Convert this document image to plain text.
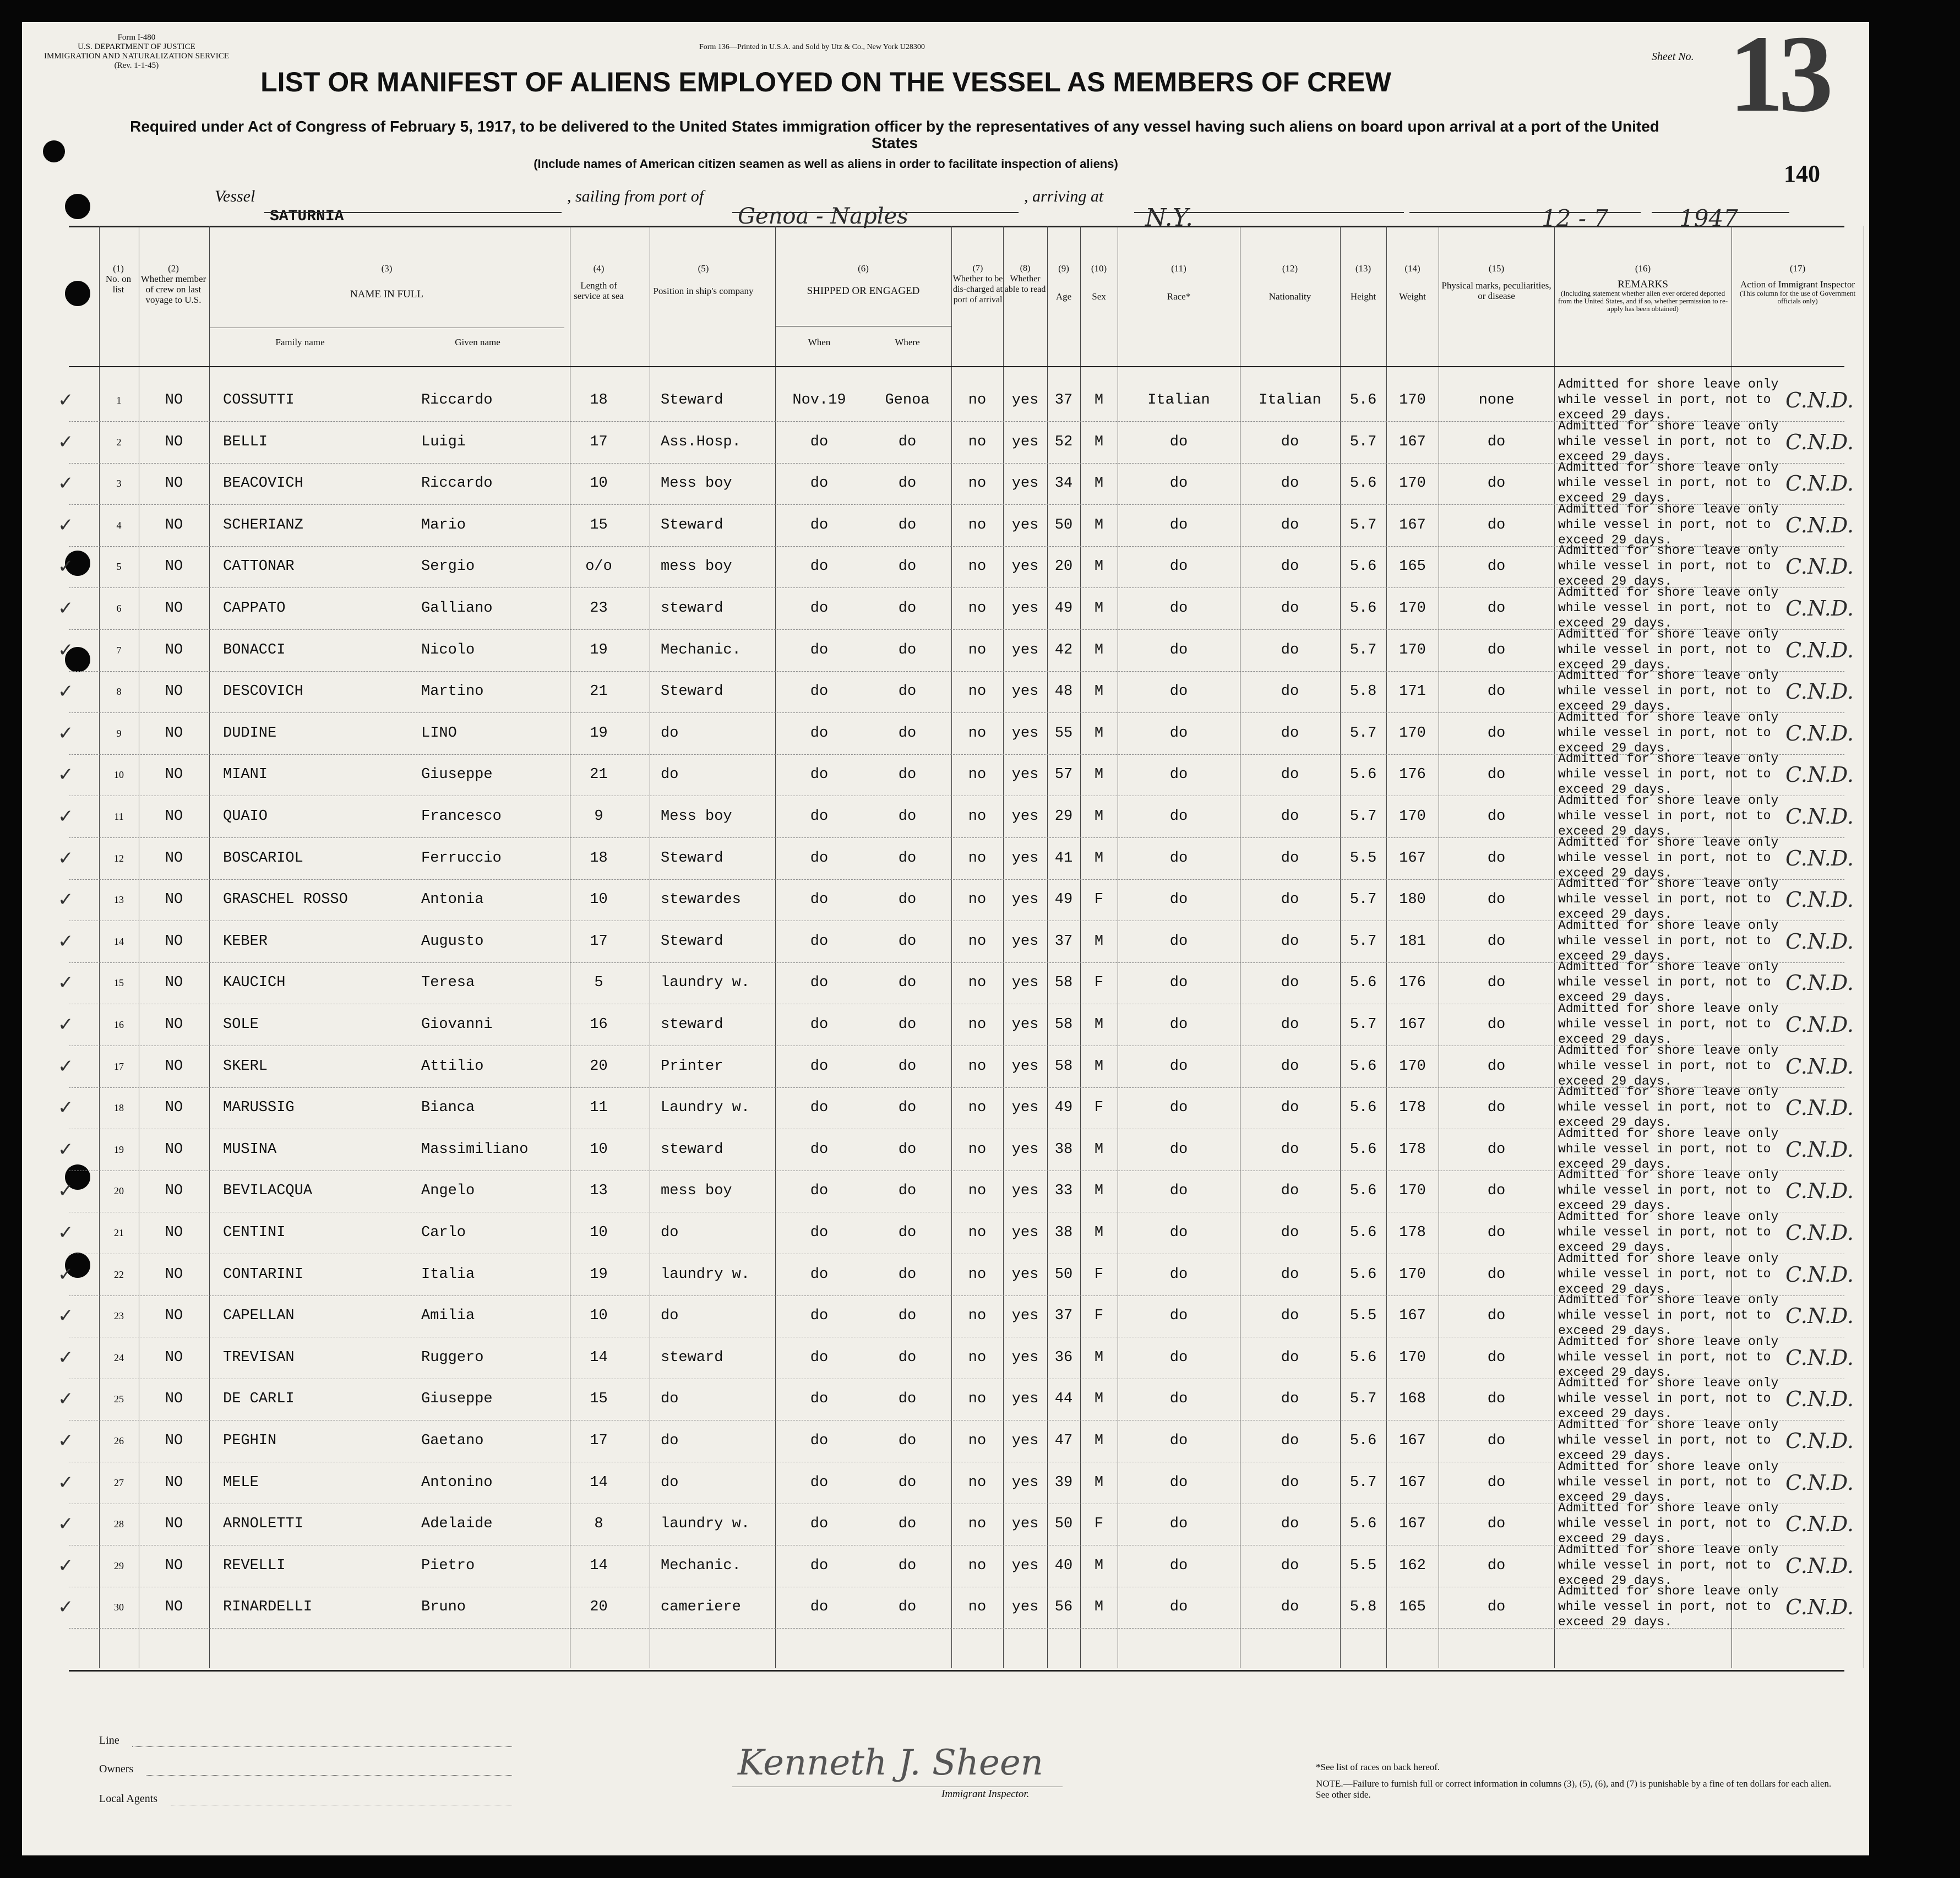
Form I-480
U.S. DEPARTMENT OF JUSTICE
IMMIGRATION AND NATURALIZATION SERVICE
(Rev. 1-1-45)
Form 136—Printed in U.S.A. and Sold by Utz & Co., New York U28300
Sheet No. 13
140
LIST OR MANIFEST OF ALIENS EMPLOYED ON THE VESSEL AS MEMBERS OF CREW
Required under Act of Congress of February 5, 1917, to be delivered to the United States immigration officer by the representatives of any vessel having such aliens on board upon arrival at a port of the United States
(Include names of American citizen seamen as well as aliens in order to facilitate inspection of aliens)
Vessel
SATURNIA
, sailing from port of
Genoa - Naples
, arriving at
N.Y.	12 - 7	1947
(1)
No. on list
(2)
Whether member of crew on last voyage to U.S.
(3)
NAME IN FULL
Family name	Given name
(4)
Length of service at sea
(5)
Position in ship's company
(6)
SHIPPED OR ENGAGED
When	Where
(7)
Whether to be dis-charged at port of arrival
(8)
Whether able to read
(9)
Age
(10)
Sex
(11)
Race*
(12)
Nationality
(13)
Height
(14)
Weight
(15)
Physical marks, peculiarities, or disease
(16)
REMARKS
(Including statement whether alien ever ordered deported from the United States, and if so, whether permission to re-apply has been obtained)
(17)
Action of Immigrant Inspector
(This column for the use of Government officials only)
✓	1	NO	COSSUTTI	Riccardo	18	Steward	Nov.19	Genoa	no	yes	37	M	Italian	Italian	5.6	170	none	C.N.D.
Admitted for shore leave only
while vessel in port, not to
exceed 29 days.
✓	2	NO	BELLI	Luigi	17	Ass.Hosp.	do	do	no	yes	52	M	do	do	5.7	167	do	C.N.D.
Admitted for shore leave only
while vessel in port, not to
exceed 29 days.
✓	3	NO	BEACOVICH	Riccardo	10	Mess boy	do	do	no	yes	34	M	do	do	5.6	170	do	C.N.D.
Admitted for shore leave only
while vessel in port, not to
exceed 29 days.
✓	4	NO	SCHERIANZ	Mario	15	Steward	do	do	no	yes	50	M	do	do	5.7	167	do	C.N.D.
Admitted for shore leave only
while vessel in port, not to
exceed 29 days.
✓	5	NO	CATTONAR	Sergio	o/o	mess boy	do	do	no	yes	20	M	do	do	5.6	165	do	C.N.D.
Admitted for shore leave only
while vessel in port, not to
exceed 29 days.
✓	6	NO	CAPPATO	Galliano	23	steward	do	do	no	yes	49	M	do	do	5.6	170	do	C.N.D.
Admitted for shore leave only
while vessel in port, not to
exceed 29 days.
✓	7	NO	BONACCI	Nicolo	19	Mechanic.	do	do	no	yes	42	M	do	do	5.7	170	do	C.N.D.
Admitted for shore leave only
while vessel in port, not to
exceed 29 days.
✓	8	NO	DESCOVICH	Martino	21	Steward	do	do	no	yes	48	M	do	do	5.8	171	do	C.N.D.
Admitted for shore leave only
while vessel in port, not to
exceed 29 days.
✓	9	NO	DUDINE	LINO	19	do	do	do	no	yes	55	M	do	do	5.7	170	do	C.N.D.
Admitted for shore leave only
while vessel in port, not to
exceed 29 days.
✓	10	NO	MIANI	Giuseppe	21	do	do	do	no	yes	57	M	do	do	5.6	176	do	C.N.D.
Admitted for shore leave only
while vessel in port, not to
exceed 29 days.
✓	11	NO	QUAIO	Francesco	9	Mess boy	do	do	no	yes	29	M	do	do	5.7	170	do	C.N.D.
Admitted for shore leave only
while vessel in port, not to
exceed 29 days.
✓	12	NO	BOSCARIOL	Ferruccio	18	Steward	do	do	no	yes	41	M	do	do	5.5	167	do	C.N.D.
Admitted for shore leave only
while vessel in port, not to
exceed 29 days.
✓	13	NO	GRASCHEL ROSSO	Antonia	10	stewardes	do	do	no	yes	49	F	do	do	5.7	180	do	C.N.D.
Admitted for shore leave only
while vessel in port, not to
exceed 29 days.
✓	14	NO	KEBER	Augusto	17	Steward	do	do	no	yes	37	M	do	do	5.7	181	do	C.N.D.
Admitted for shore leave only
while vessel in port, not to
exceed 29 days.
✓	15	NO	KAUCICH	Teresa	5	laundry w.	do	do	no	yes	58	F	do	do	5.6	176	do	C.N.D.
Admitted for shore leave only
while vessel in port, not to
exceed 29 days.
✓	16	NO	SOLE	Giovanni	16	steward	do	do	no	yes	58	M	do	do	5.7	167	do	C.N.D.
Admitted for shore leave only
while vessel in port, not to
exceed 29 days.
✓	17	NO	SKERL	Attilio	20	Printer	do	do	no	yes	58	M	do	do	5.6	170	do	C.N.D.
Admitted for shore leave only
while vessel in port, not to
exceed 29 days.
✓	18	NO	MARUSSIG	Bianca	11	Laundry w.	do	do	no	yes	49	F	do	do	5.6	178	do	C.N.D.
Admitted for shore leave only
while vessel in port, not to
exceed 29 days.
✓	19	NO	MUSINA	Massimiliano	10	steward	do	do	no	yes	38	M	do	do	5.6	178	do	C.N.D.
Admitted for shore leave only
while vessel in port, not to
exceed 29 days.
✓	20	NO	BEVILACQUA	Angelo	13	mess boy	do	do	no	yes	33	M	do	do	5.6	170	do	C.N.D.
Admitted for shore leave only
while vessel in port, not to
exceed 29 days.
✓	21	NO	CENTINI	Carlo	10	do	do	do	no	yes	38	M	do	do	5.6	178	do	C.N.D.
Admitted for shore leave only
while vessel in port, not to
exceed 29 days.
✓	22	NO	CONTARINI	Italia	19	laundry w.	do	do	no	yes	50	F	do	do	5.6	170	do	C.N.D.
Admitted for shore leave only
while vessel in port, not to
exceed 29 days.
✓	23	NO	CAPELLAN	Amilia	10	do	do	do	no	yes	37	F	do	do	5.5	167	do	C.N.D.
Admitted for shore leave only
while vessel in port, not to
exceed 29 days.
✓	24	NO	TREVISAN	Ruggero	14	steward	do	do	no	yes	36	M	do	do	5.6	170	do	C.N.D.
Admitted for shore leave only
while vessel in port, not to
exceed 29 days.
✓	25	NO	DE CARLI	Giuseppe	15	do	do	do	no	yes	44	M	do	do	5.7	168	do	C.N.D.
Admitted for shore leave only
while vessel in port, not to
exceed 29 days.
✓	26	NO	PEGHIN	Gaetano	17	do	do	do	no	yes	47	M	do	do	5.6	167	do	C.N.D.
Admitted for shore leave only
while vessel in port, not to
exceed 29 days.
✓	27	NO	MELE	Antonino	14	do	do	do	no	yes	39	M	do	do	5.7	167	do	C.N.D.
Admitted for shore leave only
while vessel in port, not to
exceed 29 days.
✓	28	NO	ARNOLETTI	Adelaide	8	laundry w.	do	do	no	yes	50	F	do	do	5.6	167	do	C.N.D.
Admitted for shore leave only
while vessel in port, not to
exceed 29 days.
✓	29	NO	REVELLI	Pietro	14	Mechanic.	do	do	no	yes	40	M	do	do	5.5	162	do	C.N.D.
Admitted for shore leave only
while vessel in port, not to
exceed 29 days.
✓	30	NO	RINARDELLI	Bruno	20	cameriere	do	do	no	yes	56	M	do	do	5.8	165	do	C.N.D.
Admitted for shore leave only
while vessel in port, not to
exceed 29 days.
Line
Owners
Local Agents
Kenneth J. Sheen
Immigrant Inspector.
*See list of races on back hereof.
NOTE.—Failure to furnish full or correct information in columns (3), (5), (6), and (7) is punishable by a fine of ten dollars for each alien. See other side.
